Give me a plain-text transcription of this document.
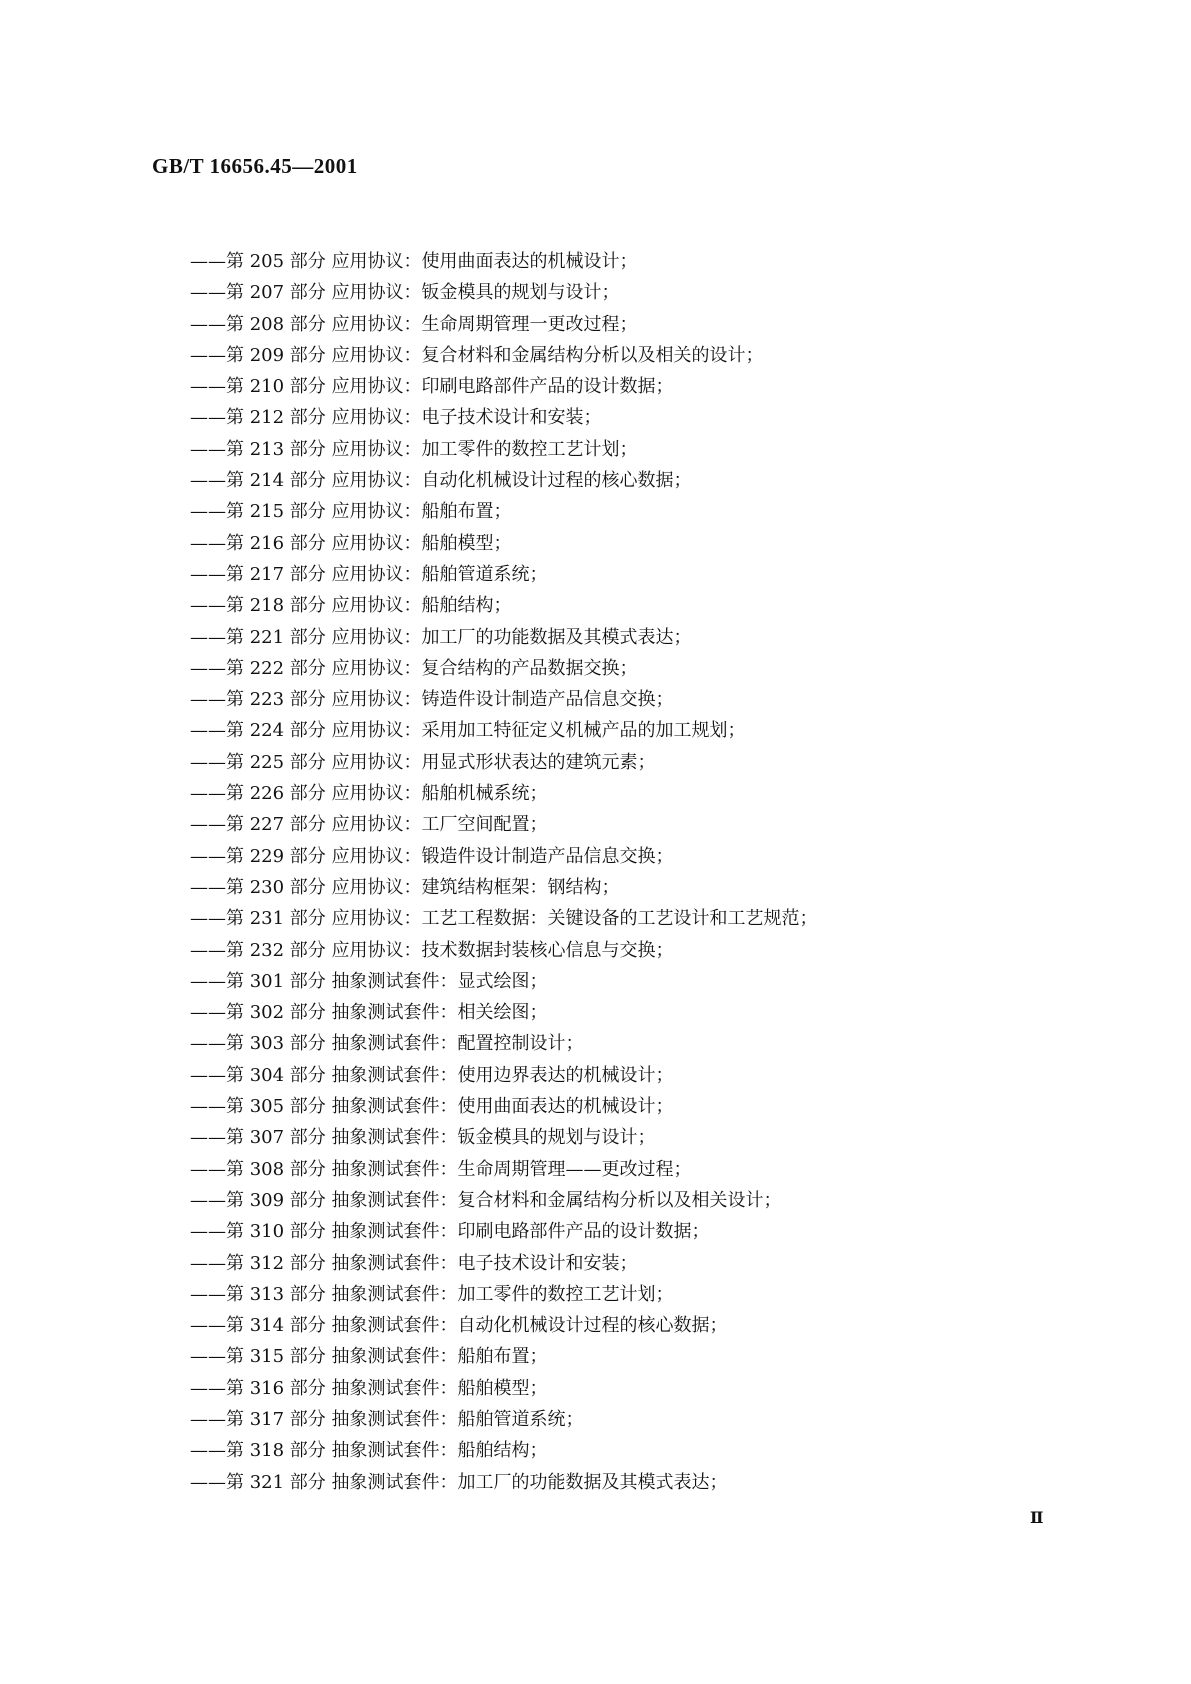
GB/T 16656.45—2001
——第 205 部分 应用协议：使用曲面表达的机械设计；
——第 207 部分 应用协议：钣金模具的规划与设计；
——第 208 部分 应用协议：生命周期管理一更改过程；
——第 209 部分 应用协议：复合材料和金属结构分析以及相关的设计；
——第 210 部分 应用协议：印刷电路部件产品的设计数据；
——第 212 部分 应用协议：电子技术设计和安装；
——第 213 部分 应用协议：加工零件的数控工艺计划；
——第 214 部分 应用协议：自动化机械设计过程的核心数据；
——第 215 部分 应用协议：船舶布置；
——第 216 部分 应用协议：船舶模型；
——第 217 部分 应用协议：船舶管道系统；
——第 218 部分 应用协议：船舶结构；
——第 221 部分 应用协议：加工厂的功能数据及其模式表达；
——第 222 部分 应用协议：复合结构的产品数据交换；
——第 223 部分 应用协议：铸造件设计制造产品信息交换；
——第 224 部分 应用协议：采用加工特征定义机械产品的加工规划；
——第 225 部分 应用协议：用显式形状表达的建筑元素；
——第 226 部分 应用协议：船舶机械系统；
——第 227 部分 应用协议：工厂空间配置；
——第 229 部分 应用协议：锻造件设计制造产品信息交换；
——第 230 部分 应用协议：建筑结构框架：钢结构；
——第 231 部分 应用协议：工艺工程数据：关键设备的工艺设计和工艺规范；
——第 232 部分 应用协议：技术数据封装核心信息与交换；
——第 301 部分 抽象测试套件：显式绘图；
——第 302 部分 抽象测试套件：相关绘图；
——第 303 部分 抽象测试套件：配置控制设计；
——第 304 部分 抽象测试套件：使用边界表达的机械设计；
——第 305 部分 抽象测试套件：使用曲面表达的机械设计；
——第 307 部分 抽象测试套件：钣金模具的规划与设计；
——第 308 部分 抽象测试套件：生命周期管理——更改过程；
——第 309 部分 抽象测试套件：复合材料和金属结构分析以及相关设计；
——第 310 部分 抽象测试套件：印刷电路部件产品的设计数据；
——第 312 部分 抽象测试套件：电子技术设计和安装；
——第 313 部分 抽象测试套件：加工零件的数控工艺计划；
——第 314 部分 抽象测试套件：自动化机械设计过程的核心数据；
——第 315 部分 抽象测试套件：船舶布置；
——第 316 部分 抽象测试套件：船舶模型；
——第 317 部分 抽象测试套件：船舶管道系统；
——第 318 部分 抽象测试套件：船舶结构；
——第 321 部分 抽象测试套件：加工厂的功能数据及其模式表达；
Ⅱ
